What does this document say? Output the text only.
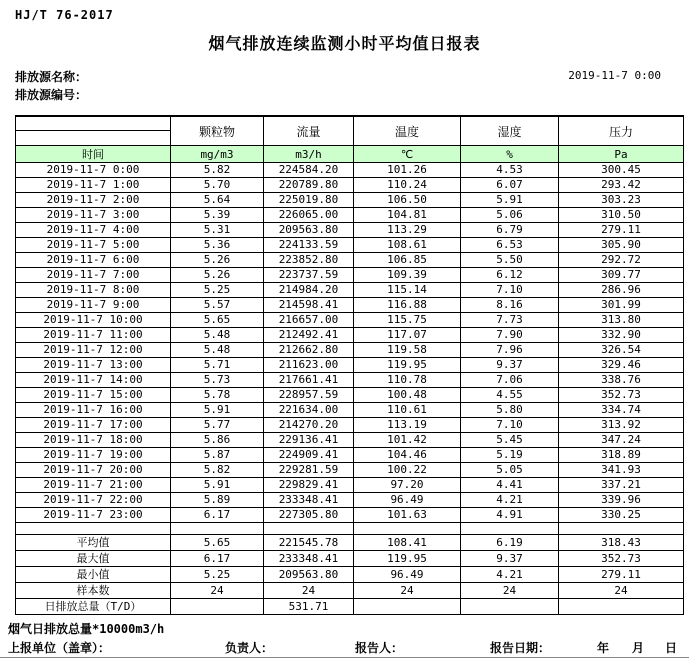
HJ/T 76-2017
烟气排放连续监测小时平均值日报表
排放源名称：
排放源编号：
2019-11-7 0:00
	颗粒物	流量	温度	湿度	压力
时间	mg/m3	m3/h	℃	%	Pa
2019-11-7 0:00	5.82	224584.20	101.26	4.53	300.45
2019-11-7 1:00	5.70	220789.80	110.24	6.07	293.42
2019-11-7 2:00	5.64	225019.80	106.50	5.91	303.23
2019-11-7 3:00	5.39	226065.00	104.81	5.06	310.50
2019-11-7 4:00	5.31	209563.80	113.29	6.79	279.11
2019-11-7 5:00	5.36	224133.59	108.61	6.53	305.90
2019-11-7 6:00	5.26	223852.80	106.85	5.50	292.72
2019-11-7 7:00	5.26	223737.59	109.39	6.12	309.77
2019-11-7 8:00	5.25	214984.20	115.14	7.10	286.96
2019-11-7 9:00	5.57	214598.41	116.88	8.16	301.99
2019-11-7 10:00	5.65	216657.00	115.75	7.73	313.80
2019-11-7 11:00	5.48	212492.41	117.07	7.90	332.90
2019-11-7 12:00	5.48	212662.80	119.58	7.96	326.54
2019-11-7 13:00	5.71	211623.00	119.95	9.37	329.46
2019-11-7 14:00	5.73	217661.41	110.78	7.06	338.76
2019-11-7 15:00	5.78	228957.59	100.48	4.55	352.73
2019-11-7 16:00	5.91	221634.00	110.61	5.80	334.74
2019-11-7 17:00	5.77	214270.20	113.19	7.10	313.92
2019-11-7 18:00	5.86	229136.41	101.42	5.45	347.24
2019-11-7 19:00	5.87	224909.41	104.46	5.19	318.89
2019-11-7 20:00	5.82	229281.59	100.22	5.05	341.93
2019-11-7 21:00	5.91	229829.41	97.20	4.41	337.21
2019-11-7 22:00	5.89	233348.41	96.49	4.21	339.96
2019-11-7 23:00	6.17	227305.80	101.63	4.91	330.25

平均值	5.65	221545.78	108.41	6.19	318.43
最大值	6.17	233348.41	119.95	9.37	352.73
最小值	5.25	209563.80	96.49	4.21	279.11
样本数	24	24	24	24	24
日排放总量（T/D）		531.71			
烟气日排放总量*10000m3/h
上报单位（盖章）：	负责人：	报告人：	报告日期：	年 月 日
